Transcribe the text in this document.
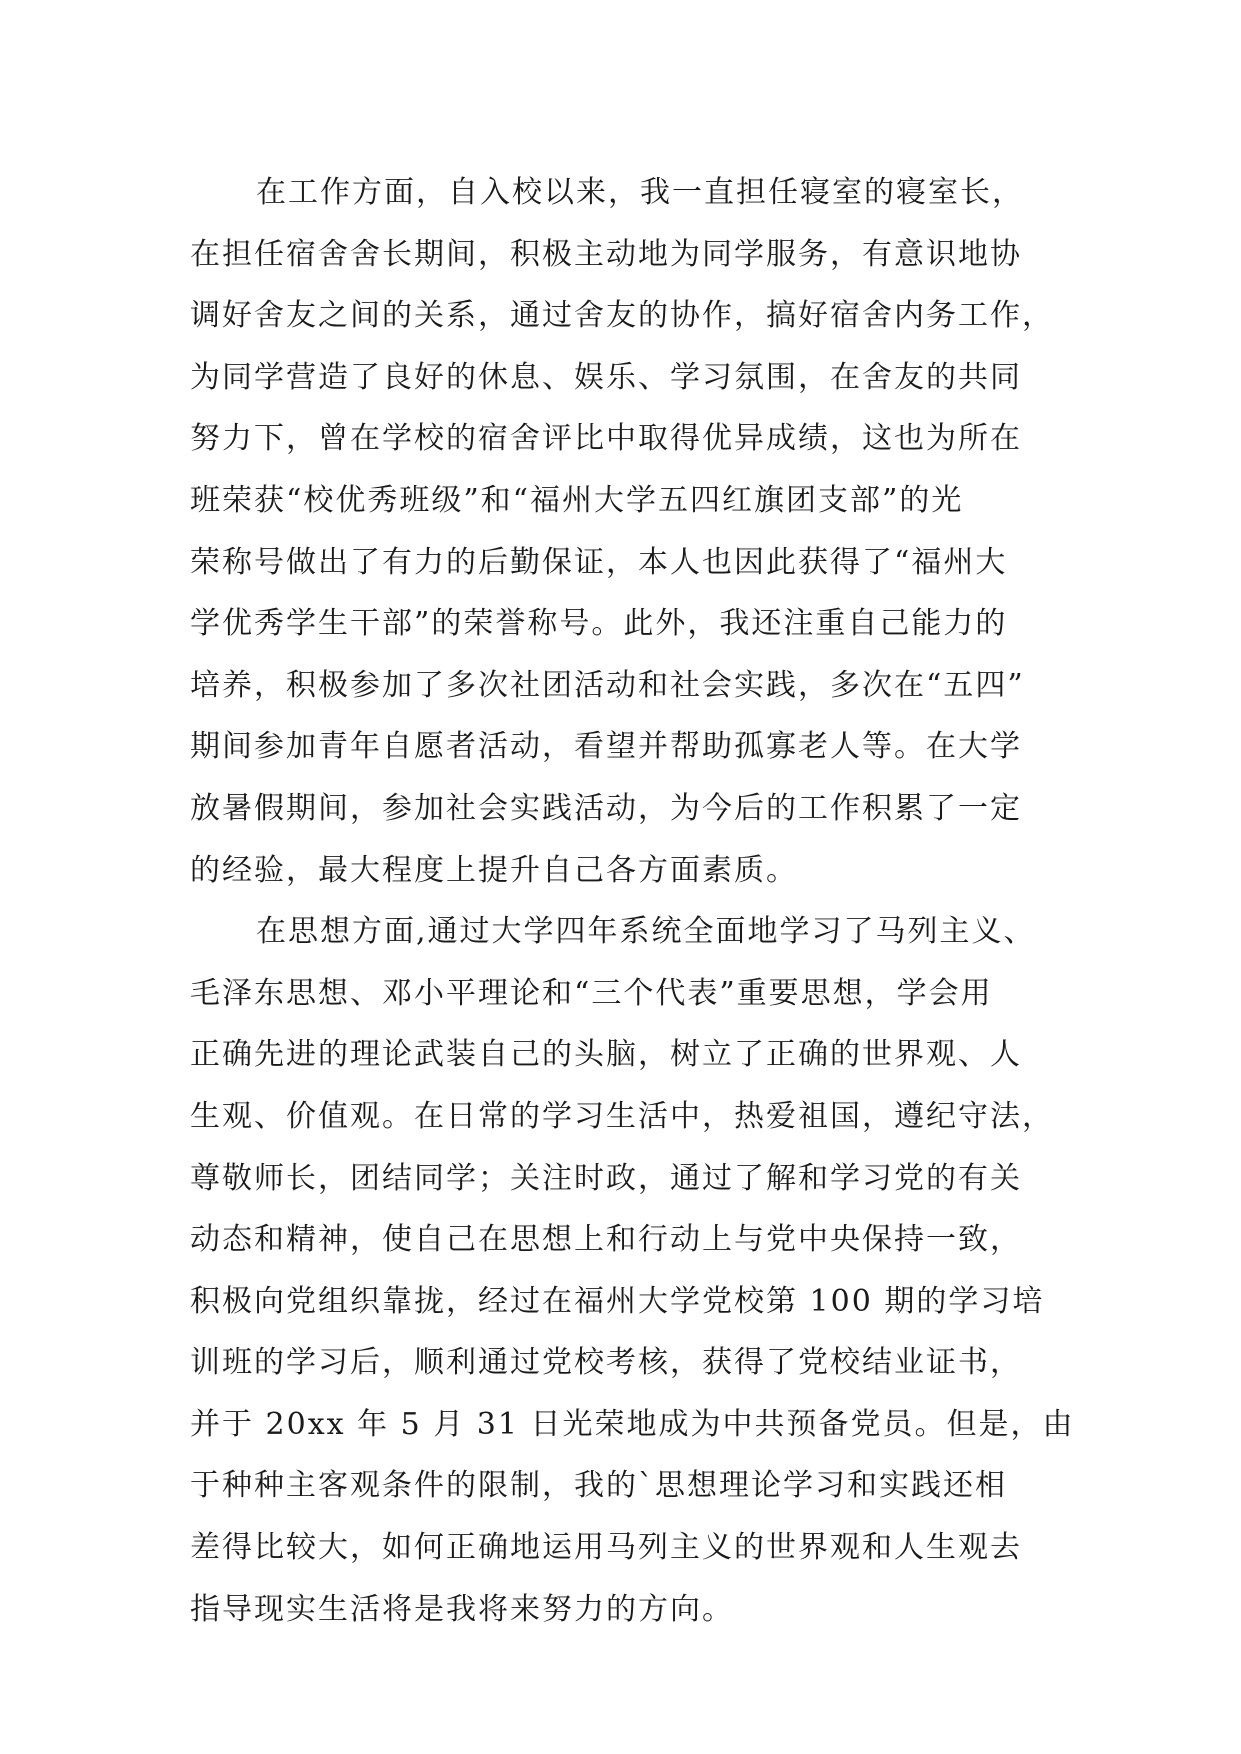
在工作方面，自入校以来，我一直担任寝室的寝室长，
在担任宿舍舍长期间，积极主动地为同学服务，有意识地协
调好舍友之间的关系，通过舍友的协作，搞好宿舍内务工作，
为同学营造了良好的休息、娱乐、学习氛围，在舍友的共同
努力下，曾在学校的宿舍评比中取得优异成绩，这也为所在
班荣获“校优秀班级”和“福州大学五四红旗团支部”的光
荣称号做出了有力的后勤保证，本人也因此获得了“福州大
学优秀学生干部”的荣誉称号。此外，我还注重自己能力的
培养，积极参加了多次社团活动和社会实践，多次在“五四”
期间参加青年自愿者活动，看望并帮助孤寡老人等。在大学
放暑假期间，参加社会实践活动，为今后的工作积累了一定
的经验，最大程度上提升自己各方面素质。
在思想方面,通过大学四年系统全面地学习了马列主义、
毛泽东思想、邓小平理论和“三个代表”重要思想，学会用
正确先进的理论武装自己的头脑，树立了正确的世界观、人
生观、价值观。在日常的学习生活中，热爱祖国，遵纪守法，
尊敬师长，团结同学；关注时政，通过了解和学习党的有关
动态和精神，使自己在思想上和行动上与党中央保持一致，
积极向党组织靠拢，经过在福州大学党校第 100 期的学习培
训班的学习后，顺利通过党校考核，获得了党校结业证书，
并于 20xx 年 5 月 31 日光荣地成为中共预备党员。但是，由
于种种主客观条件的限制，我的`思想理论学习和实践还相
差得比较大，如何正确地运用马列主义的世界观和人生观去
指导现实生活将是我将来努力的方向。
